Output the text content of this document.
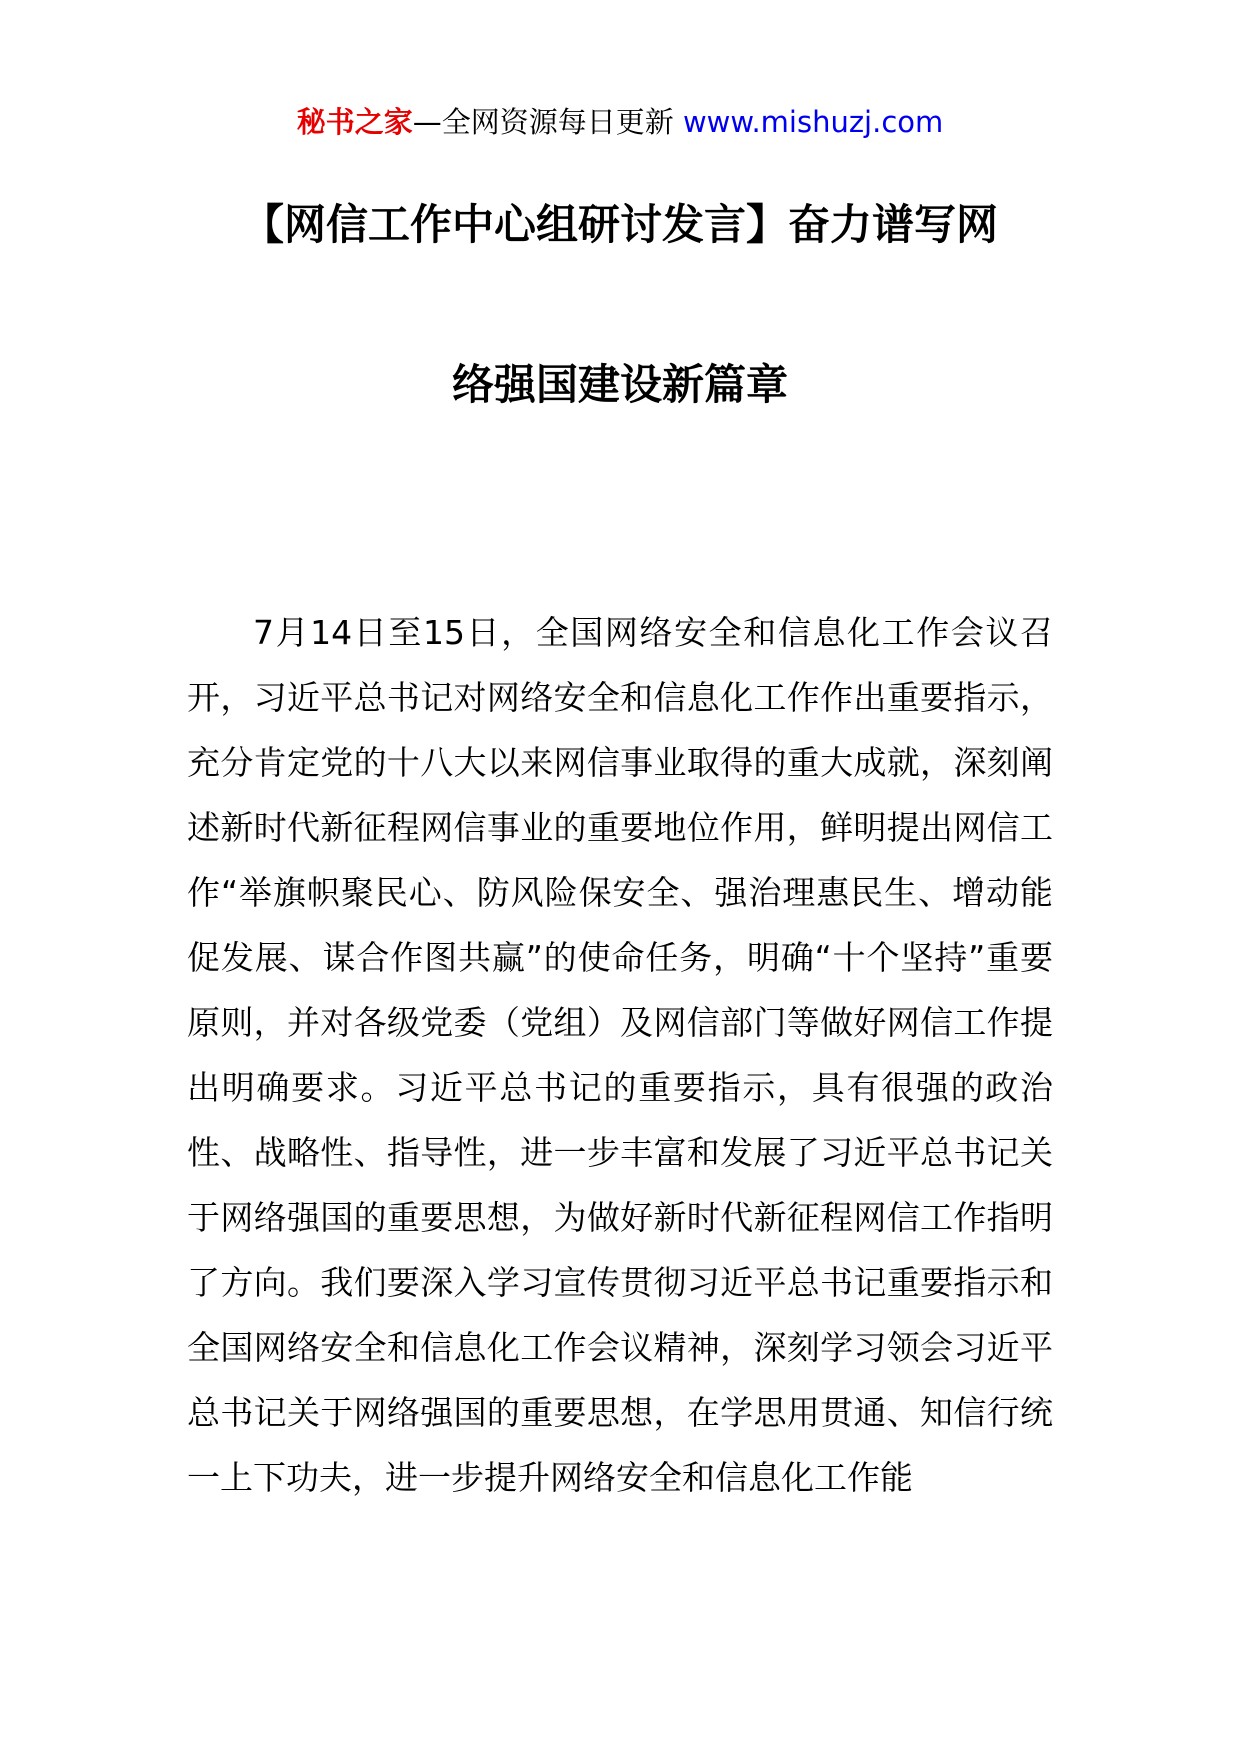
秘书之家—全网资源每日更新 www.mishuzj.com
【网信工作中心组研讨发言】奋力谱写网
络强国建设新篇章

7月14日至15日，全国网络安全和信息化工作会议召开，习近平总书记对网络安全和信息化工作作出重要指示，充分肯定党的十八大以来网信事业取得的重大成就，深刻阐述新时代新征程网信事业的重要地位作用，鲜明提出网信工作“举旗帜聚民心、防风险保安全、强治理惠民生、增动能促发展、谋合作图共赢”的使命任务，明确“十个坚持”重要原则，并对各级党委（党组）及网信部门等做好网信工作提出明确要求。习近平总书记的重要指示，具有很强的政治性、战略性、指导性，进一步丰富和发展了习近平总书记关于网络强国的重要思想，为做好新时代新征程网信工作指明了方向。我们要深入学习宣传贯彻习近平总书记重要指示和全国网络安全和信息化工作会议精神，深刻学习领会习近平总书记关于网络强国的重要思想，在学思用贯通、知信行统一上下功夫，进一步提升网络安全和信息化工作能
